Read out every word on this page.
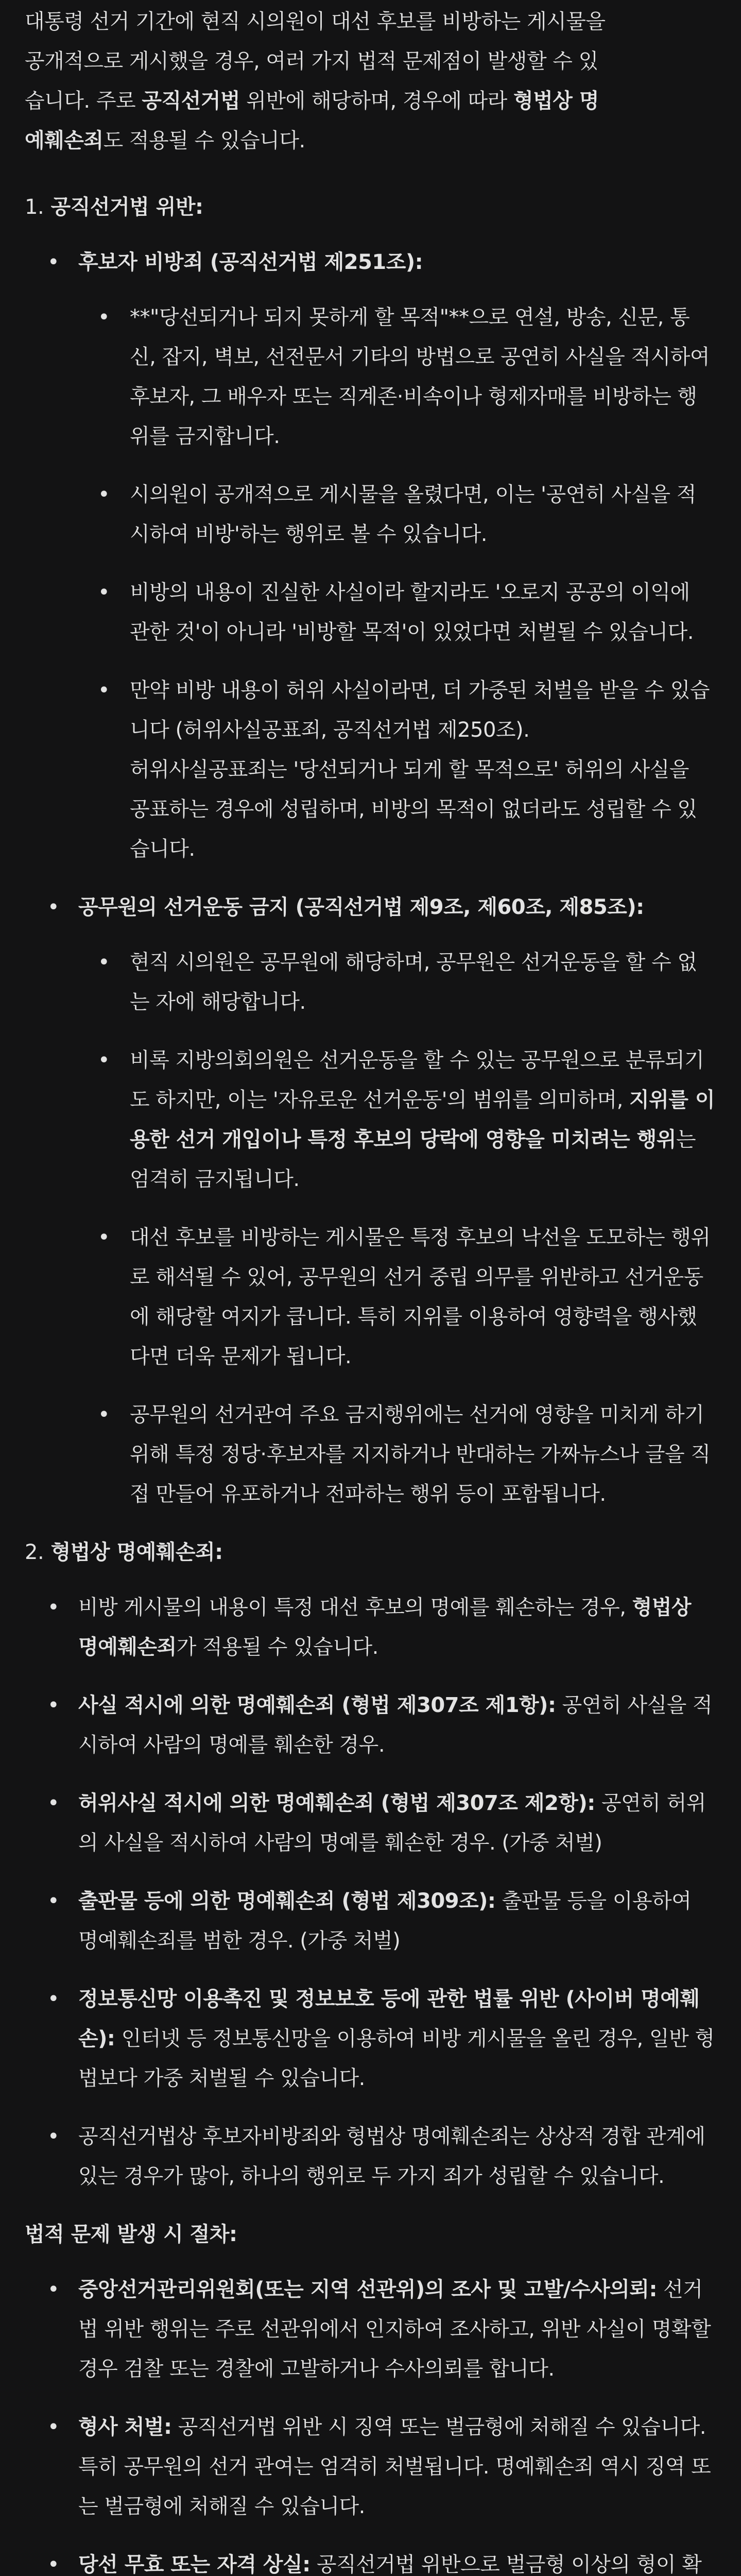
대통령 선거 기간에 현직 시의원이 대선 후보를 비방하는 게시물을 공개적으로 게시했을 경우, 여러 가지 법적 문제점이 발생할 수 있습니다. 주로 공직선거법 위반에 해당하며, 경우에 따라 형법상 명예훼손죄도 적용될 수 있습니다.

1. 공직선거법 위반:

• 후보자 비방죄 (공직선거법 제251조):
• **"당선되거나 되지 못하게 할 목적"**으로 연설, 방송, 신문, 통신, 잡지, 벽보, 선전문서 기타의 방법으로 공연히 사실을 적시하여 후보자, 그 배우자 또는 직계존·비속이나 형제자매를 비방하는 행위를 금지합니다.
• 시의원이 공개적으로 게시물을 올렸다면, 이는 '공연히 사실을 적시하여 비방'하는 행위로 볼 수 있습니다.
• 비방의 내용이 진실한 사실이라 할지라도 '오로지 공공의 이익에 관한 것'이 아니라 '비방할 목적'이 있었다면 처벌될 수 있습니다.
• 만약 비방 내용이 허위 사실이라면, 더 가중된 처벌을 받을 수 있습니다 (허위사실공표죄, 공직선거법 제250조).
허위사실공표죄는 '당선되거나 되게 할 목적으로' 허위의 사실을 공표하는 경우에 성립하며, 비방의 목적이 없더라도 성립할 수 있습니다.
• 공무원의 선거운동 금지 (공직선거법 제9조, 제60조, 제85조):
• 현직 시의원은 공무원에 해당하며, 공무원은 선거운동을 할 수 없는 자에 해당합니다.
• 비록 지방의회의원은 선거운동을 할 수 있는 공무원으로 분류되기도 하지만, 이는 '자유로운 선거운동'의 범위를 의미하며, 지위를 이용한 선거 개입이나 특정 후보의 당락에 영향을 미치려는 행위는 엄격히 금지됩니다.
• 대선 후보를 비방하는 게시물은 특정 후보의 낙선을 도모하는 행위로 해석될 수 있어, 공무원의 선거 중립 의무를 위반하고 선거운동에 해당할 여지가 큽니다. 특히 지위를 이용하여 영향력을 행사했다면 더욱 문제가 됩니다.
• 공무원의 선거관여 주요 금지행위에는 선거에 영향을 미치게 하기 위해 특정 정당·후보자를 지지하거나 반대하는 가짜뉴스나 글을 직접 만들어 유포하거나 전파하는 행위 등이 포함됩니다.

2. 형법상 명예훼손죄:

• 비방 게시물의 내용이 특정 대선 후보의 명예를 훼손하는 경우, 형법상 명예훼손죄가 적용될 수 있습니다.
• 사실 적시에 의한 명예훼손죄 (형법 제307조 제1항): 공연히 사실을 적시하여 사람의 명예를 훼손한 경우.
• 허위사실 적시에 의한 명예훼손죄 (형법 제307조 제2항): 공연히 허위의 사실을 적시하여 사람의 명예를 훼손한 경우. (가중 처벌)
• 출판물 등에 의한 명예훼손죄 (형법 제309조): 출판물 등을 이용하여 명예훼손죄를 범한 경우. (가중 처벌)
• 정보통신망 이용촉진 및 정보보호 등에 관한 법률 위반 (사이버 명예훼손): 인터넷 등 정보통신망을 이용하여 비방 게시물을 올린 경우, 일반 형법보다 가중 처벌될 수 있습니다.
• 공직선거법상 후보자비방죄와 형법상 명예훼손죄는 상상적 경합 관계에 있는 경우가 많아, 하나의 행위로 두 가지 죄가 성립할 수 있습니다.

법적 문제 발생 시 절차:

• 중앙선거관리위원회(또는 지역 선관위)의 조사 및 고발/수사의뢰: 선거법 위반 행위는 주로 선관위에서 인지하여 조사하고, 위반 사실이 명확할 경우 검찰 또는 경찰에 고발하거나 수사의뢰를 합니다.
• 형사 처벌: 공직선거법 위반 시 징역 또는 벌금형에 처해질 수 있습니다. 특히 공무원의 선거 관여는 엄격히 처벌됩니다. 명예훼손죄 역시 징역 또는 벌금형에 처해질 수 있습니다.
• 당선 무효 또는 자격 상실: 공직선거법 위반으로 벌금형 이상의 형이 확
